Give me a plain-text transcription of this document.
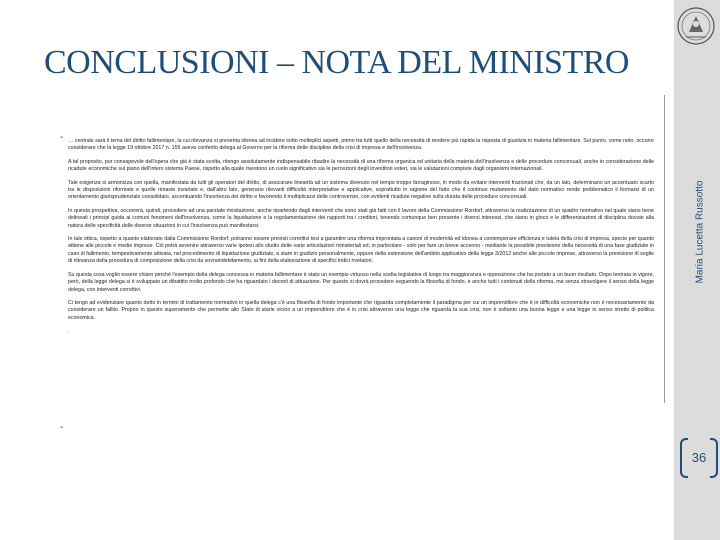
CONCLUSIONI – NOTA DEL MINISTRO
Maria Lucetta Russotto
-
-

… centrale sarà il tema del diritto fallimentare, la cui rilevanza si presenta idonea ad incidere sotto molteplici aspetti, primo tra tutti quello della necessità di rendere più rapida la risposta di giustizia in materia fallimentare. Sul punto, come noto, occorre considerare che la legge 19 ottobre 2017 n. 155 aveva conferito delega al Governo per la riforma delle discipline della crisi di impresa e dell'insolvenza.

A tal proposito, pur consapevole dell'opera che già è stata svolta, ritengo assolutamente indispensabile ribadire la necessità di una riforma organica ed unitaria della materia dell'insolvenza e delle procedure concorsuali, anche in considerazione delle ricadute economiche sul piano dell'intero sistema Paese, rispetto alla quale rivestono un ruolo significativo sia le percezioni degli investitori esteri, sia le valutazioni compiute dagli organismi internazionali.

Tale esigenza si armonizza con quella, manifestata da tutti gli operatori del diritto, di assicurare linearità ad un sistema divenuto nel tempo troppo farraginoso, in modo da evitare interventi frazionati che, da un lato, determinano un accentuato scarto tra le disposizioni riformate e quelle rimaste invariate e, dall'altro lato, generano rilevanti difficoltà interpretative e applicative, soprattutto in ragione del fatto che il continuo mutamento del dato normativo rende problematico il formarsi di un orientamento giurisprudenziale consolidato, accentuando l'incertezza del diritto e favorendo il moltiplicarsi delle controversie, con evidenti ricadute negative sulla durata delle procedure concorsuali.

In questa prospettiva, occorrerà, quindi, procedere ad una parziale rivisitazione, anche ripartendo dagli interventi che sono stati già fatti con il lavoro della Commissione Rordorf, attraverso la realizzazione di un quadro normativo nel quale siano bene delineati i principi guida ai comuni fenomeni dell'insolvenza, come la liquidazione e la regolamentazione dei rapporti tra i creditori, tenendo comunque ben presente i diversi interessi, che siano in gioco e le differenziazioni di disciplina dovute alla natura delle specificità delle diverse situazioni in cui l'insolvenza può manifestarsi.

In tale ottica, rispetto a quanto elaborato dalla Commissione Rordorf, potranno essere previsti correttivi tesi a garantire una riforma improntata a canoni di modernità ed idonea a contemperare efficienza e tutela della crisi di impresa, specie per quanto attiene alle piccole e medie imprese. Ciò potrà avvenire attraverso varie ipotesi allo studio delle varie articolazioni ministeriali ed, in particolare - solo per fare un breve accenno - mediante la possibile previsione della necessità di una fase giudiziale in caso di fallimento, tempestivamente attivata, nel procedimento di liquidazione giudiziale, a stare in giudizio personalmente, oppure della estensione dell'ambito applicativo della legge 3/2012 anche alle piccole imprese, attraverso la previsione di soglie di rilevanza della procedura di composizione della crisi da sovraindebitamento, ai fini della elaborazione di specifici indici rivelatori.

Su questa cosa voglio essere chiaro perché l'esempio della delega concessa in materia fallimentare è stato un esempio virtuoso nella scelta legislativa di luogo tra maggioranza e opposizione che ha portato a un buon risultato. Dopo lentrata in vigore, però, della legge delega si è sviluppato un dibattito molto profondo che ha riguardato i decreti di attuazione. Per questo si dovrà procedere seguendo la filosofia di fondo, e anche tutti i contenuti della riforma, ma senza stravolgere il senso della legge delega, con interventi correttivi.

Ci tengo ad evidenziare quanto detto in termini di trattamento normativo in quella delega c'è una filosofia di fondo importante che riguarda completamente il paradigma per cui un imprenditore che è in difficoltà economiche non è necessariamente da considerare un fallito. Proprio in questo superamento che permette allo Stato di starle vicino a un imprenditore che è in crisi attraverso una legge che riguarda la sua crisi, non è soltanto una buona legge e una legge in senso stretto di politica economica.

.

36
